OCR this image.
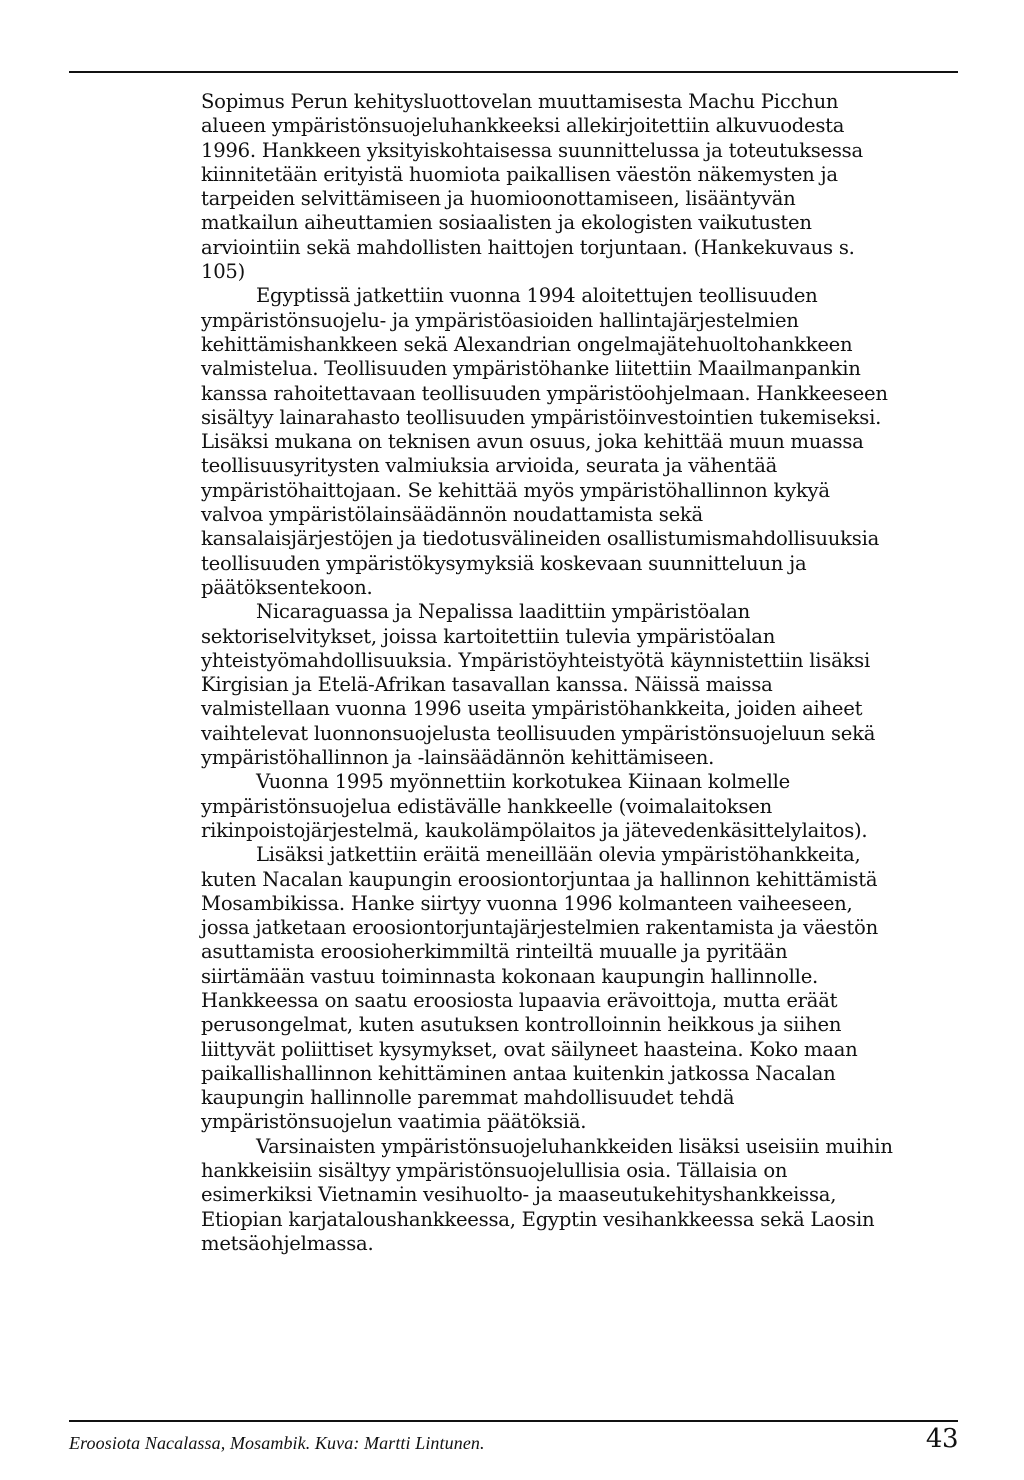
Sopimus Perun kehitysluottovelan muuttamisesta Machu Picchun alueen ympäristönsuojeluhankkeeksi allekirjoitettiin alkuvuodesta 1996. Hankkeen yksityiskohtaisessa suunnittelussa ja toteutuksessa kiinnitetään erityistä huomiota paikallisen väestön näkemysten ja tarpeiden selvittämiseen ja huomioonottamiseen, lisääntyvän matkailun aiheuttamien sosiaalisten ja ekologisten vaikutusten arviointiin sekä mahdollisten haittojen torjuntaan. (Hankekuvaus s. 105)

Egyptissä jatkettiin vuonna 1994 aloitettujen teollisuuden ympäristönsuojelu- ja ympäristöasioiden hallintajärjestelmien kehittämishankkeen sekä Alexandrian ongelmajätehuoltohankkeen valmistelua. Teollisuuden ympäristöhanke liitettiin Maailmanpankin kanssa rahoitettavaan teollisuuden ympäristöohjelmaan. Hankkeeseen sisältyy lainarahasto teollisuuden ympäristöinvestointien tukemiseksi. Lisäksi mukana on teknisen avun osuus, joka kehittää muun muassa teollisuusyritysten valmiuksia arvioida, seurata ja vähentää ympäristöhaittojaan. Se kehittää myös ympäristöhallinnon kykyä valvoa ympäristölainsäädännön noudattamista sekä kansalaisjärjestöjen ja tiedotusvälineiden osallistumismahdollisuuksia teollisuuden ympäristökysymyksiä koskevaan suunnitteluun ja päätöksentekoon.

Nicaraguassa ja Nepalissa laadittiin ympäristöalan sektoriselvitykset, joissa kartoitettiin tulevia ympäristöalan yhteistyömahdollisuuksia. Ympäristöyhteistyötä käynnistettiin lisäksi Kirgisian ja Etelä-Afrikan tasavallan kanssa. Näissä maissa valmistellaan vuonna 1996 useita ympäristöhankkeita, joiden aiheet vaihtelevat luonnonsuojelusta teollisuuden ympäristönsuojeluun sekä ympäristöhallinnon ja -lainsäädännön kehittämiseen.

Vuonna 1995 myönnettiin korkotukea Kiinaan kolmelle ympäristönsuojelua edistävälle hankkeelle (voimalaitoksen rikinpoistojärjestelmä, kaukolämpölaitos ja jätevedenkäsittelylaitos).

Lisäksi jatkettiin eräitä meneillään olevia ympäristöhankkeita, kuten Nacalan kaupungin eroosiontorjuntaa ja hallinnon kehittämistä Mosambikissa. Hanke siirtyy vuonna 1996 kolmanteen vaiheeseen, jossa jatketaan eroosiontorjuntajärjestelmien rakentamista ja väestön asuttamista eroosioherkimmiltä rinteiltä muualle ja pyritään siirtämään vastuu toiminnasta kokonaan kaupungin hallinnolle. Hankkeessa on saatu eroosiosta lupaavia erävoittoja, mutta eräät perusongelmat, kuten asutuksen kontrolloinnin heikkous ja siihen liittyvät poliittiset kysymykset, ovat säilyneet haasteina. Koko maan paikallishallinnon kehittäminen antaa kuitenkin jatkossa Nacalan kaupungin hallinnolle paremmat mahdollisuudet tehdä ympäristönsuojelun vaatimia päätöksiä.

Varsinaisten ympäristönsuojeluhankkeiden lisäksi useisiin muihin hankkeisiin sisältyy ympäristönsuojelullisia osia. Tällaisia on esimerkiksi Vietnamin vesihuolto- ja maaseutukehityshankkeissa, Etiopian karjataloushankkeessa, Egyptin vesihankkeessa sekä Laosin metsäohjelmassa.

Eroosiota Nacalassa, Mosambik. Kuva: Martti Lintunen.	43
